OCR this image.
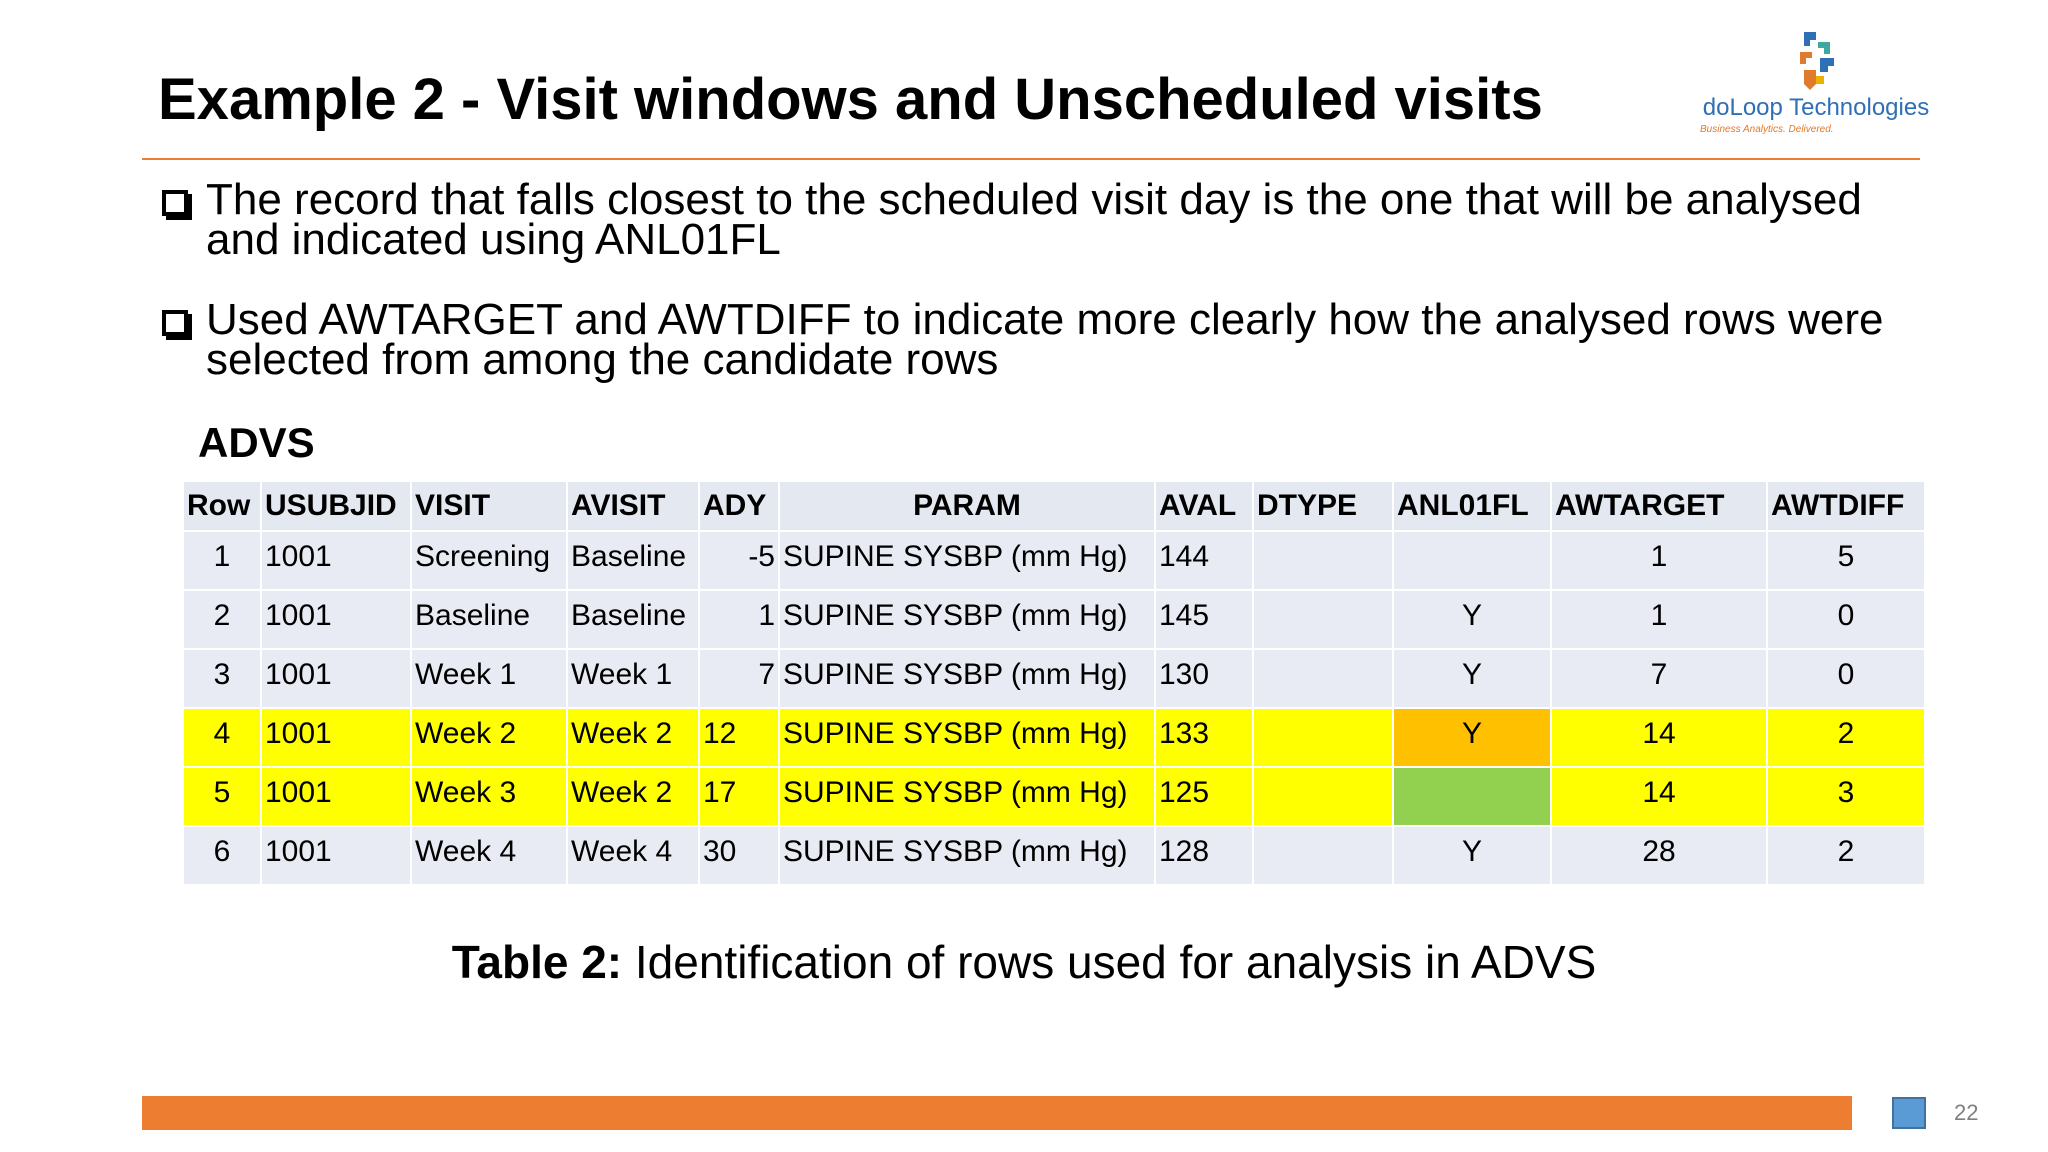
Example 2 - Visit windows and Unscheduled visits	doLoop Technologies
Business Analytics. Delivered.
The record that falls closest to the scheduled visit day is the one that will be analysed and indicated using ANL01FL
Used AWTARGET and AWTDIFF to indicate more clearly how the analysed rows were selected from among the candidate rows
ADVS
Row	USUBJID	VISIT	AVISIT	ADY	PARAM	AVAL	DTYPE	ANL01FL	AWTARGET	AWTDIFF
1	1001	Screening	Baseline	-5	SUPINE SYSBP (mm Hg)	144			1	5
2	1001	Baseline	Baseline	1	SUPINE SYSBP (mm Hg)	145		Y	1	0
3	1001	Week 1	Week 1	7	SUPINE SYSBP (mm Hg)	130		Y	7	0
4	1001	Week 2	Week 2	12	SUPINE SYSBP (mm Hg)	133		Y	14	2
5	1001	Week 3	Week 2	17	SUPINE SYSBP (mm Hg)	125			14	3
6	1001	Week 4	Week 4	30	SUPINE SYSBP (mm Hg)	128		Y	28	2
Table 2: Identification of rows used for analysis in ADVS
22
